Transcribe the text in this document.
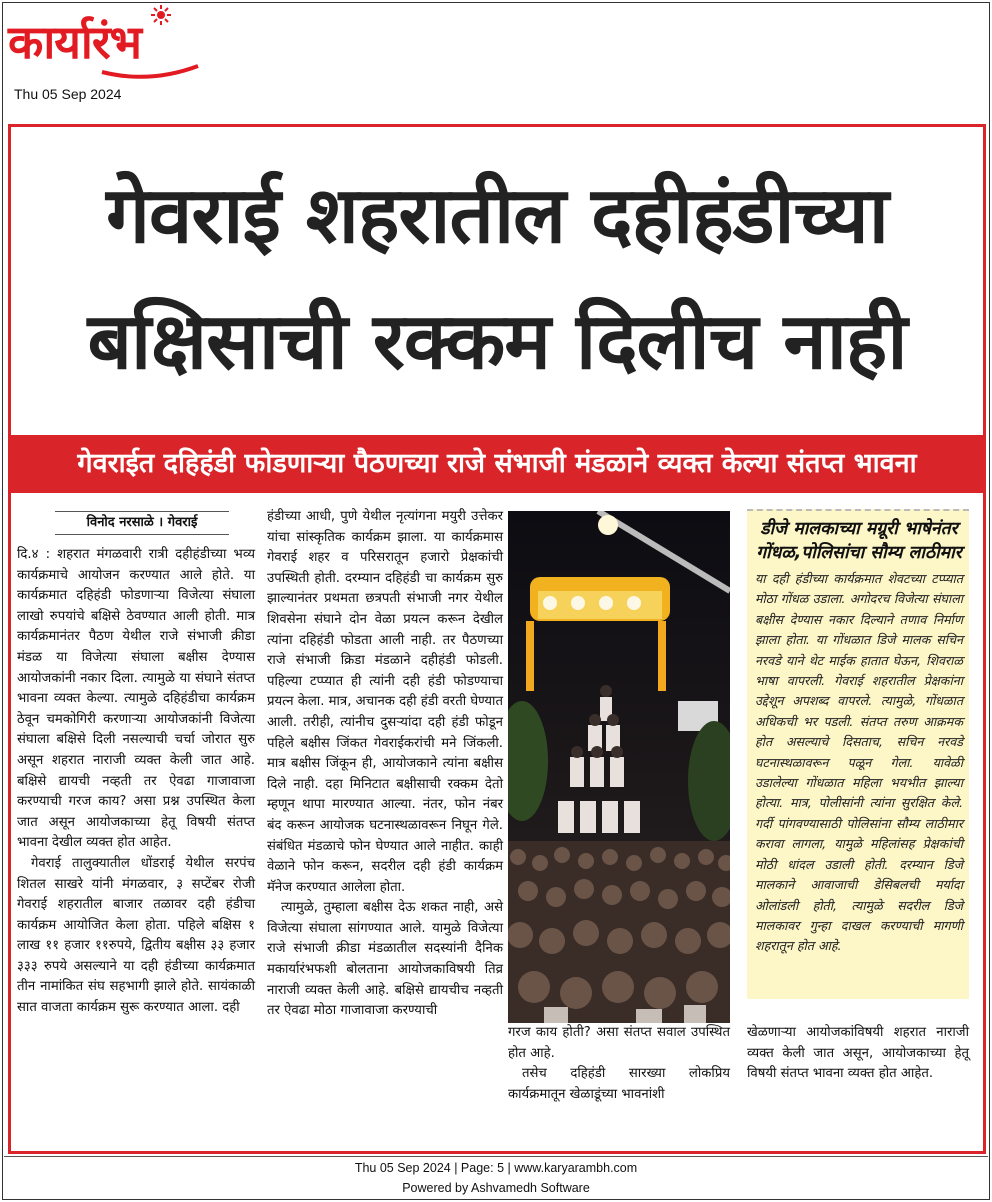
कार्यारंभ
Thu 05 Sep 2024
गेवराई शहरातील दहीहंडीच्या
बक्षिसाची रक्कम दिलीच नाही
गेवराईत दहिहंडी फोडणाऱ्या पैठणच्या राजे संभाजी मंडळाने व्यक्त केल्या संतप्त भावना
विनोद नरसाळे । गेवराई

दि.४ : शहरात मंगळवारी रात्री दहीहंडीच्या भव्य कार्यक्रमाचे आयोजन करण्यात आले होते. या कार्यक्रमात दहिहंडी फोडणाऱ्या विजेत्या संघाला लाखो रुपयांचे बक्षिसे ठेवण्यात आली होती. मात्र कार्यक्रमानंतर पैठण येथील राजे संभाजी क्रीडा मंडळ या विजेत्या संघाला बक्षीस देण्यास आयोजकांनी नकार दिला. त्यामुळे या संघाने संतप्त भावना व्यक्त केल्या. त्यामुळे दहिहंडीचा कार्यक्रम ठेवून चमकोगिरी करणाऱ्या आयोजकांनी विजेत्या संघाला बक्षिसे दिली नसल्याची चर्चा जोरात सुरु असून शहरात नाराजी व्यक्त केली जात आहे. बक्षिसे द्यायची नव्हती तर ऐवढा गाजावाजा करण्याची गरज काय? असा प्रश्न उपस्थित केला जात असून आयोजकाच्या हेतू विषयी संतप्त भावना देखील व्यक्त होत आहेत.

गेवराई तालुक्यातील धोंडराई येथील सरपंच शितल साखरे यांनी मंगळवार, ३ सप्टेंबर रोजी गेवराई शहरातील बाजार तळावर दही हंडीचा कार्यक्रम आयोजित केला होता. पहिले बक्षिस १ लाख ११ हजार ११रुपये, द्वितीय बक्षीस ३३ हजार ३३३ रुपये असल्याने या दही हंडीच्या कार्यक्रमात तीन नामांकित संघ सहभागी झाले होते. सायंकाळी सात वाजता कार्यक्रम सुरू करण्यात आला. दही

हंडीच्या आधी, पुणे येथील नृत्यांगना मयुरी उत्तेकर यांचा सांस्कृतिक कार्यक्रम झाला. या कार्यक्रमास गेवराई शहर व परिसरातून हजारो प्रेक्षकांची उपस्थिती होती. दरम्यान दहिहंडी चा कार्यक्रम सुरु झाल्यानंतर प्रथमता छत्रपती संभाजी नगर येथील शिवसेना संघाने दोन वेळा प्रयत्न करून देखील त्यांना दहिहंडी फोडता आली नाही. तर पैठणच्या राजे संभाजी क्रिडा मंडळाने दहीहंडी फोडली. पहिल्या टप्प्यात ही त्यांनी दही हंडी फोडण्याचा प्रयत्न केला. मात्र, अचानक दही हंडी वरती घेण्यात आली. तरीही, त्यांनीच दुसऱ्यांदा दही हंडी फोडून पहिले बक्षीस जिंकत गेवराईकरांची मने जिंकली. मात्र बक्षीस जिंकून ही, आयोजकाने त्यांना बक्षीस दिले नाही. दहा मिनिटात बक्षीसाची रक्कम देतो म्हणून थापा मारण्यात आल्या. नंतर, फोन नंबर बंद करून आयोजक घटनास्थळावरून निघून गेले. संबंधित मंडळाचे फोन घेण्यात आले नाहीत. काही वेळाने फोन करून, सदरील दही हंडी कार्यक्रम मॅनेज करण्यात आलेला होता.

त्यामुळे, तुम्हाला बक्षीस देऊ शकत नाही, असे विजेत्या संघाला सांगण्यात आले. यामुळे विजेत्या राजे संभाजी क्रीडा मंडळातील सदस्यांनी दैनिक मकार्यारंभफशी बोलताना आयोजकाविषयी तिव्र नाराजी व्यक्त केली आहे. बक्षिसे द्यायचीच नव्हती तर ऐवढा मोठा गाजावाजा करण्याची

गरज काय होती? असा संतप्त सवाल उपस्थित होत आहे.

तसेच दहिहंडी सारख्या लोकप्रिय कार्यक्रमातून खेळाडूंच्या भावनांशी

डीजे मालकाच्या मग्रूरी भाषेनंतर गोंधळ,पोलिसांचा सौम्य लाठीमार
या दही हंडीच्या कार्यक्रमात शेवटच्या टप्प्यात मोठा गोंधळ उडाला. अगोदरच विजेत्या संघाला बक्षीस देण्यास नकार दिल्याने तणाव निर्माण झाला होता. या गोंधळात डिजे मालक सचिन नरवडे याने थेट माईक हातात घेऊन, शिवराळ भाषा वापरली. गेवराई शहरातील प्रेक्षकांना उद्देशून अपशब्द वापरले. त्यामुळे, गोंधळात अधिकची भर पडली. संतप्त तरुण आक्रमक होत असल्याचे दिसताच, सचिन नरवडे घटनास्थळावरून पळून गेला. यावेळी उडालेल्या गोंधळात महिला भयभीत झाल्या होत्या. मात्र, पोलीसांनी त्यांना सुरक्षित केले. गर्दी पांगवण्यासाठी पोलिसांना सौम्य लाठीमार करावा लागला, यामुळे महिलांसह प्रेक्षकांची मोठी धांदल उडाली होती. दरम्यान डिजे मालकाने आवाजाची डेसिबलची मर्यादा ओलांडली होती, त्यामुळे सदरील डिजे मालकावर गुन्हा दाखल करण्याची मागणी शहरातून होत आहे.

खेळणाऱ्या आयोजकांविषयी शहरात नाराजी व्यक्त केली जात असून, आयोजकाच्या हेतू विषयी संतप्त भावना व्यक्त होत आहेत.

Thu 05 Sep 2024 | Page: 5 | www.karyarambh.com
Powered by Ashvamedh Software
